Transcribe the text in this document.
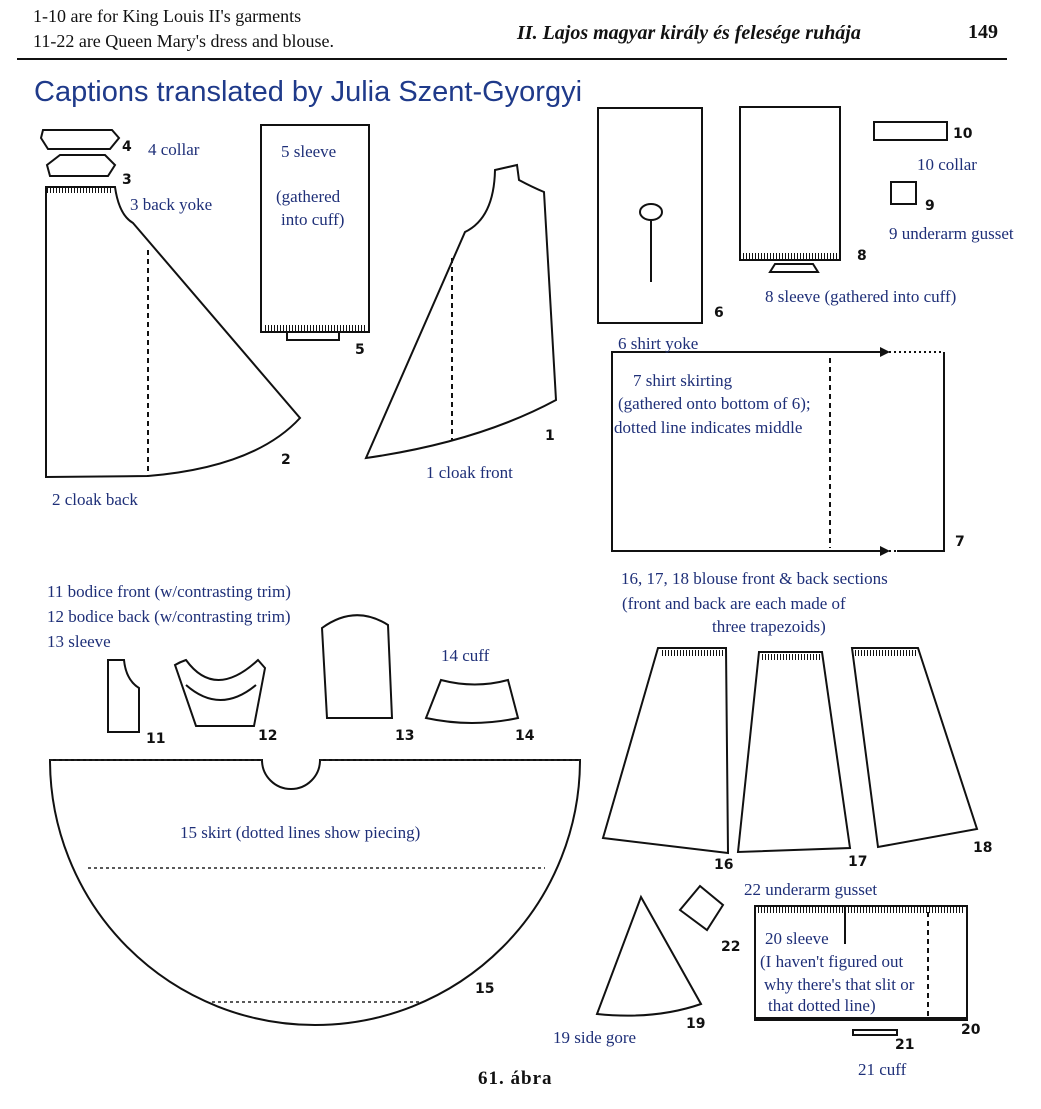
1-10 are for King Louis II's garments
11-22 are Queen Mary's dress and blouse.	II. Lajos magyar király és felesége ruhája	149
Captions translated by Julia Szent-Gyorgyi
4 collar
3 back yoke
5 sleeve
(gathered
into cuff)
2 cloak back
1 cloak front
6 shirt yoke
8 sleeve (gathered into cuff)
10 collar
9 underarm gusset
7 shirt skirting
(gathered onto bottom of 6);
dotted line indicates middle
16, 17, 18 blouse front & back sections
(front and back are each made of
three trapezoids)
11 bodice front (w/contrasting trim)
12 bodice back (w/contrasting trim)
13 sleeve
14 cuff
15 skirt (dotted lines show piecing)
22 underarm gusset
20 sleeve
(I haven't figured out
why there's that slit or
that dotted line)
19 side gore
21 cuff
4
3
2
5
1
6
8
10
9
7
11	12	13	14
15
16	17
18
22
19	20
21
61. ábra
